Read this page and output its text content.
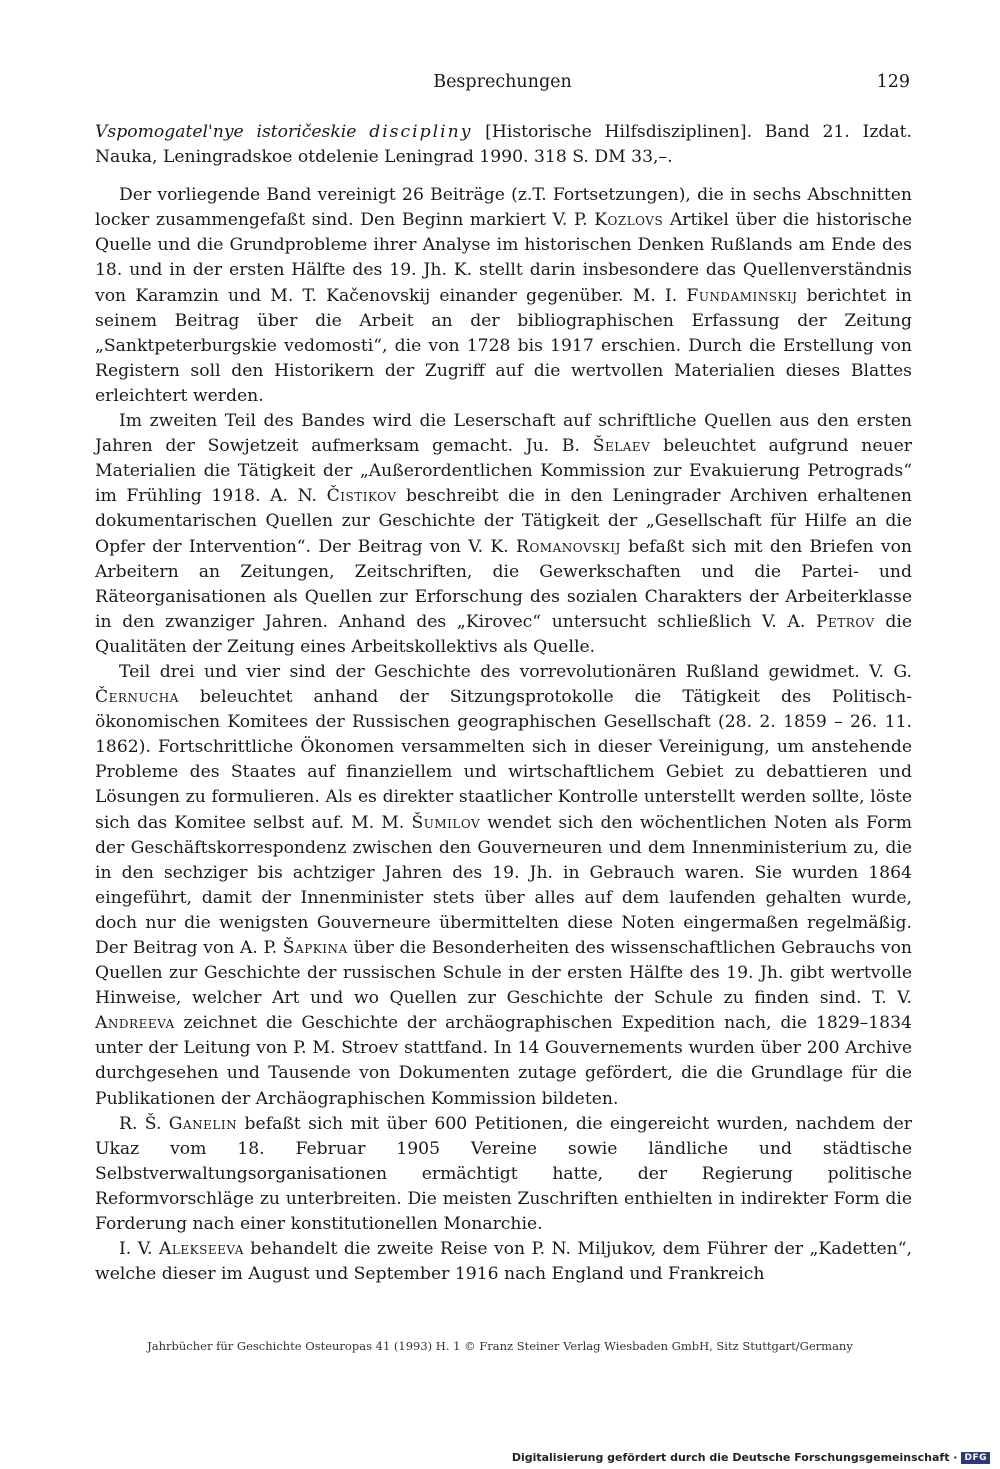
Besprechungen	129

Vspomogatel'nye istoričeskie discipliny [Historische Hilfsdisziplinen]. Band 21. Izdat. Nauka, Leningradskoe otdelenie Leningrad 1990. 318 S. DM 33,–.

Der vorliegende Band vereinigt 26 Beiträge (z.T. Fortsetzungen), die in sechs Abschnitten locker zusammengefaßt sind. Den Beginn markiert V. P. Kozlovs Artikel über die historische Quelle und die Grundprobleme ihrer Analyse im historischen Denken Rußlands am Ende des 18. und in der ersten Hälfte des 19. Jh. K. stellt darin insbesondere das Quellenverständnis von Karamzin und M. T. Kačenovskij einander gegenüber. M. I. Fundaminskij berichtet in seinem Beitrag über die Arbeit an der bibliographischen Erfassung der Zeitung „Sanktpeterburgskie vedomosti“, die von 1728 bis 1917 erschien. Durch die Erstellung von Registern soll den Historikern der Zugriff auf die wertvollen Materialien dieses Blattes erleichtert werden.

Im zweiten Teil des Bandes wird die Leserschaft auf schriftliche Quellen aus den ersten Jahren der Sowjetzeit aufmerksam gemacht. Ju. B. Šelaev beleuchtet aufgrund neuer Materialien die Tätigkeit der „Außerordentlichen Kommission zur Evakuierung Petrograds“ im Frühling 1918. A. N. Čistikov beschreibt die in den Leningrader Archiven erhaltenen dokumentarischen Quellen zur Geschichte der Tätigkeit der „Gesellschaft für Hilfe an die Opfer der Intervention“. Der Beitrag von V. K. Romanovskij befaßt sich mit den Briefen von Arbeitern an Zeitungen, Zeitschriften, die Gewerkschaften und die Partei- und Räteorganisationen als Quellen zur Erforschung des sozialen Charakters der Arbeiterklasse in den zwanziger Jahren. Anhand des „Kirovec“ untersucht schließlich V. A. Petrov die Qualitäten der Zeitung eines Arbeitskollektivs als Quelle.

Teil drei und vier sind der Geschichte des vorrevolutionären Rußland gewidmet. V. G. Černucha beleuchtet anhand der Sitzungsprotokolle die Tätigkeit des Politisch-ökonomischen Komitees der Russischen geographischen Gesellschaft (28. 2. 1859 – 26. 11. 1862). Fortschrittliche Ökonomen versammelten sich in dieser Vereinigung, um anstehende Probleme des Staates auf finanziellem und wirtschaftlichem Gebiet zu debattieren und Lösungen zu formulieren. Als es direkter staatlicher Kontrolle unterstellt werden sollte, löste sich das Komitee selbst auf. M. M. Šumilov wendet sich den wöchentlichen Noten als Form der Geschäftskorrespondenz zwischen den Gouverneuren und dem Innenministerium zu, die in den sechziger bis achtziger Jahren des 19. Jh. in Gebrauch waren. Sie wurden 1864 eingeführt, damit der Innenminister stets über alles auf dem laufenden gehalten wurde, doch nur die wenigsten Gouverneure übermittelten diese Noten eingermaßen regelmäßig. Der Beitrag von A. P. Šapkina über die Besonderheiten des wissenschaftlichen Gebrauchs von Quellen zur Geschichte der russischen Schule in der ersten Hälfte des 19. Jh. gibt wertvolle Hinweise, welcher Art und wo Quellen zur Geschichte der Schule zu finden sind. T. V. Andreeva zeichnet die Geschichte der archäographischen Expedition nach, die 1829–1834 unter der Leitung von P. M. Stroev stattfand. In 14 Gouvernements wurden über 200 Archive durchgesehen und Tausende von Dokumenten zutage gefördert, die die Grundlage für die Publikationen der Archäographischen Kommission bildeten.

R. Š. Ganelin befaßt sich mit über 600 Petitionen, die eingereicht wurden, nachdem der Ukaz vom 18. Februar 1905 Vereine sowie ländliche und städtische Selbstverwaltungsorganisationen ermächtigt hatte, der Regierung politische Reformvorschläge zu unterbreiten. Die meisten Zuschriften enthielten in indirekter Form die Forderung nach einer konstitutionellen Monarchie.

I. V. Alekseeva behandelt die zweite Reise von P. N. Miljukov, dem Führer der „Kadetten“, welche dieser im August und September 1916 nach England und Frankreich

Jahrbücher für Geschichte Osteuropas 41 (1993) H. 1 © Franz Steiner Verlag Wiesbaden GmbH, Sitz Stuttgart/Germany
Digitalisierung gefördert durch die Deutsche Forschungsgemeinschaft · DFG
